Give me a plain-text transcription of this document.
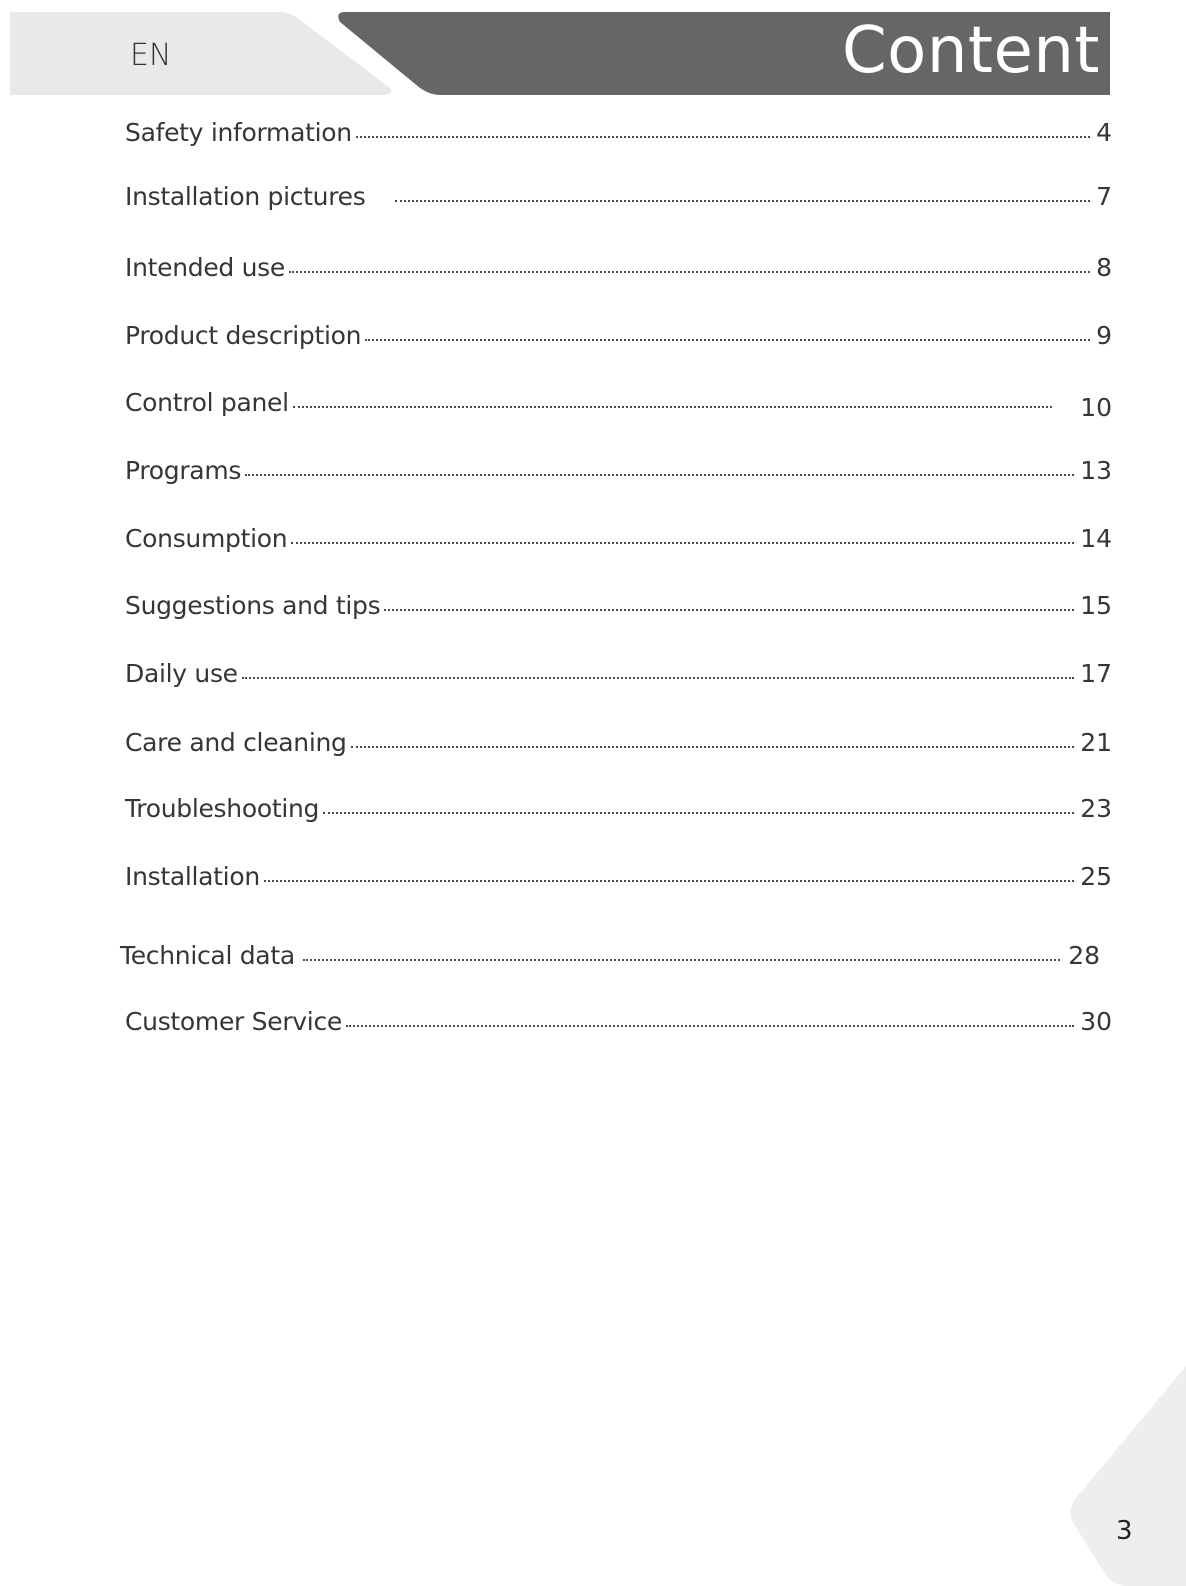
EN	Content
Safety information	4
Installation pictures	7
Intended use	8
Product description	9
Control panel	10
Programs	13
Consumption	14
Suggestions and tips	15
Daily use	17
Care and cleaning	21
Troubleshooting	23
Installation	25
Technical data	28
Customer Service	30
3
